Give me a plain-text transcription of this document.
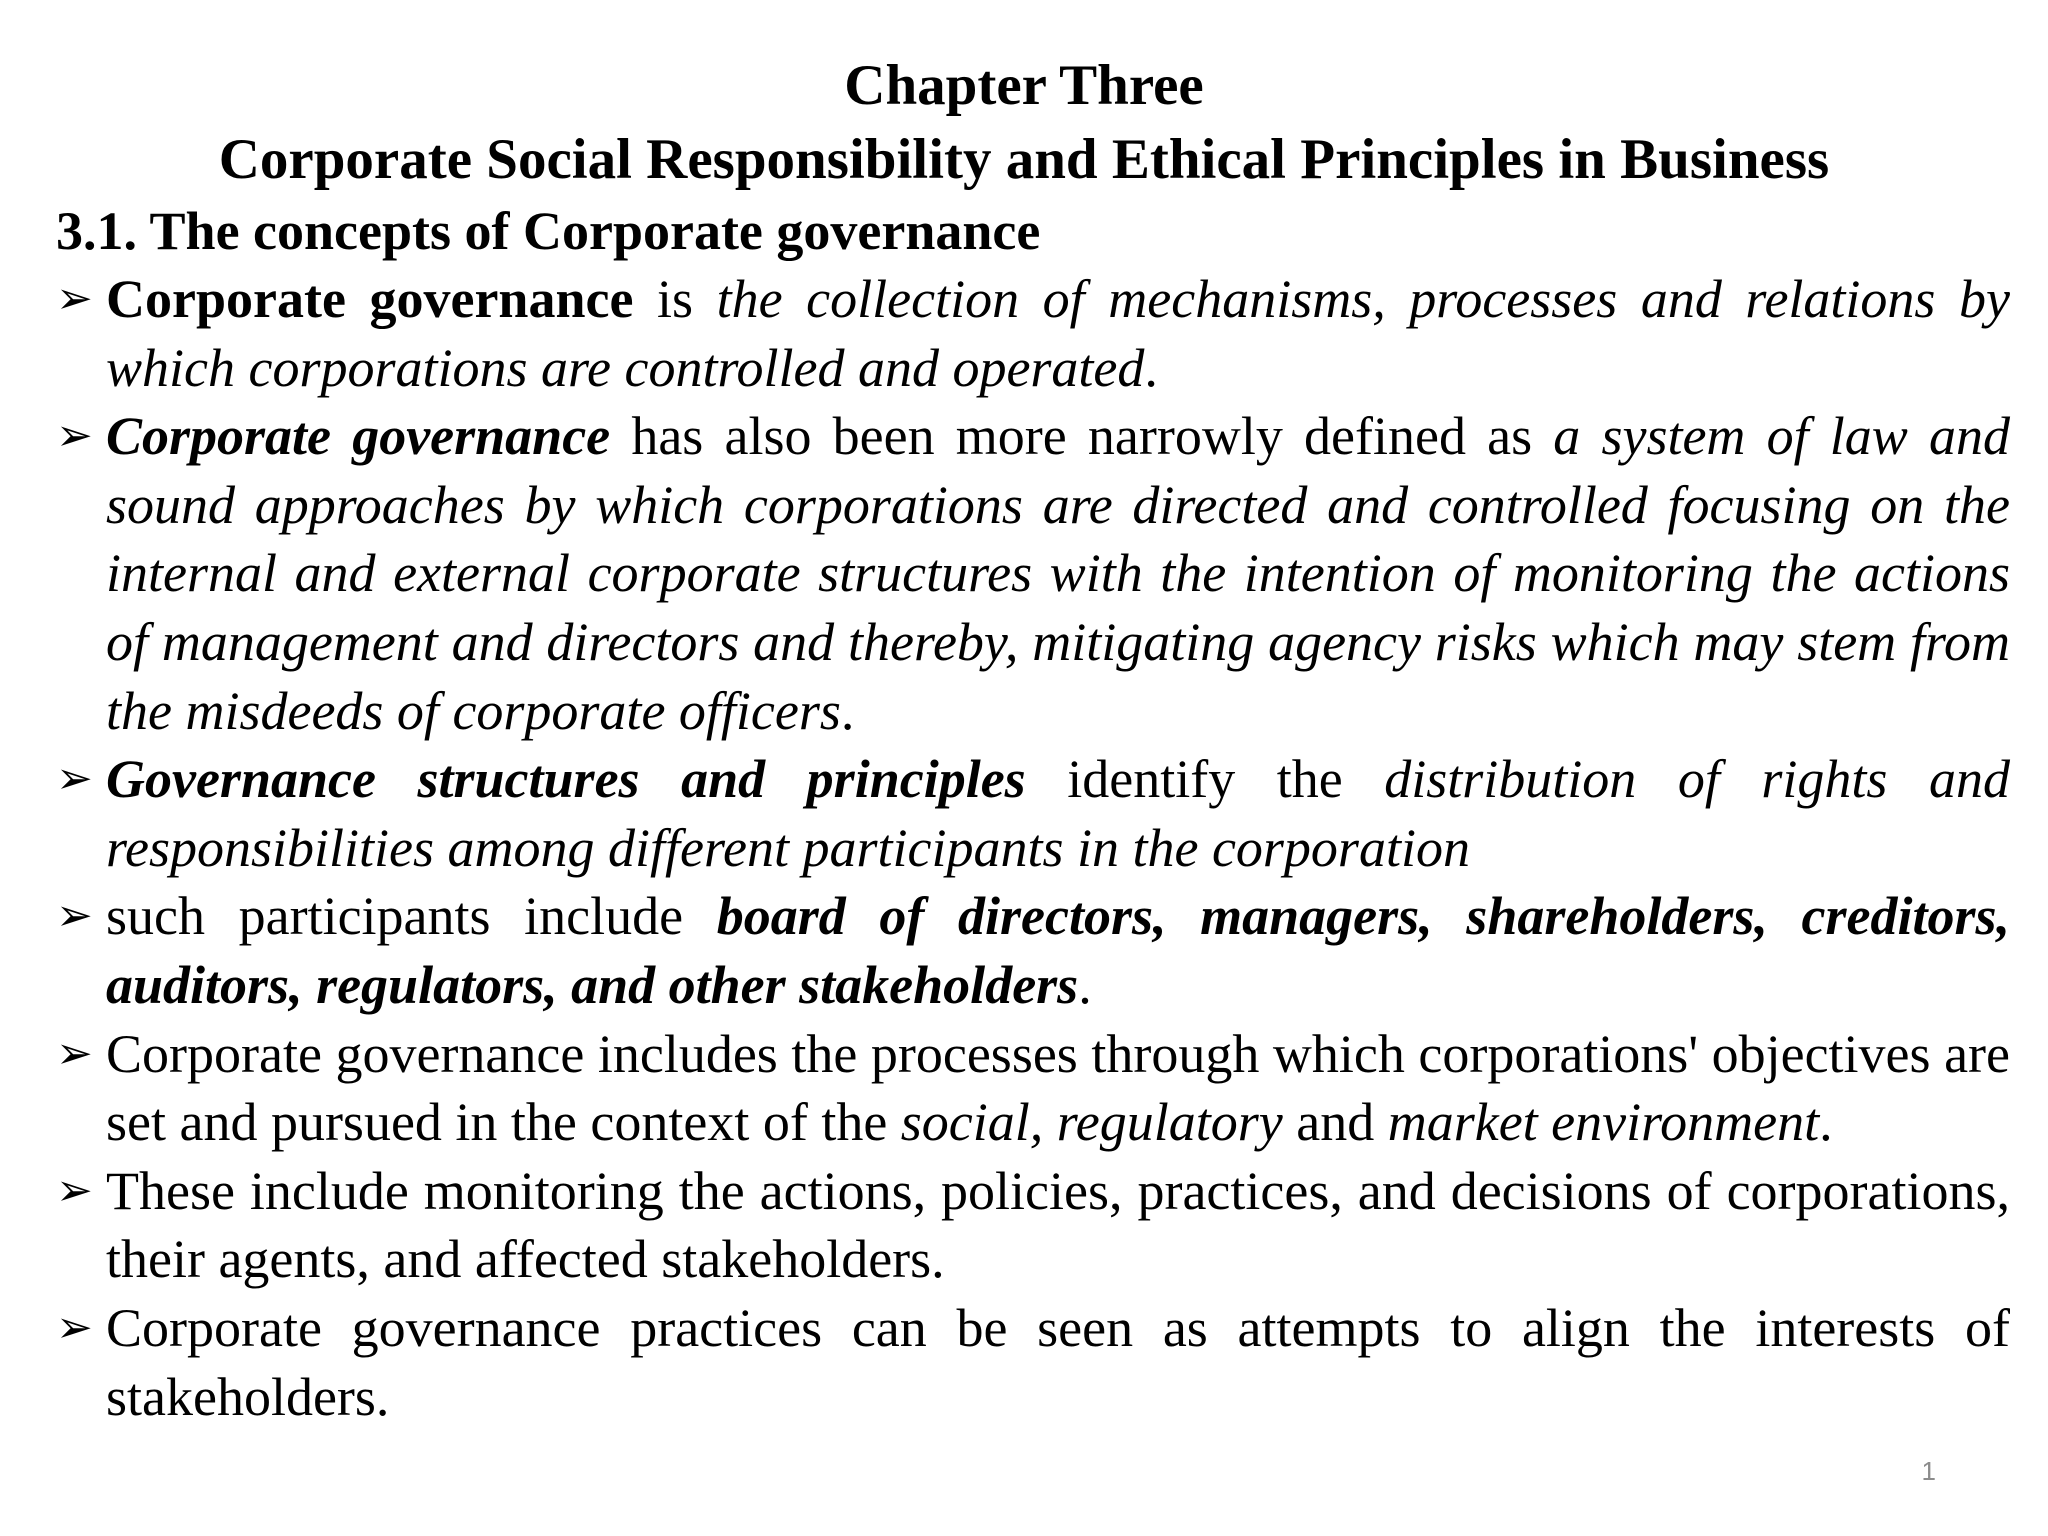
Chapter Three
Corporate Social Responsibility and Ethical Principles in Business
3.1. The concepts of Corporate governance
➢ Corporate governance is the collection of mechanisms, processes and relations by which corporations are controlled and operated.
➢ Corporate governance has also been more narrowly defined as a system of law and sound approaches by which corporations are directed and controlled focusing on the internal and external corporate structures with the intention of monitoring the actions of management and directors and thereby, mitigating agency risks which may stem from the misdeeds of corporate officers.
➢ Governance structures and principles identify the distribution of rights and responsibilities among different participants in the corporation
➢ such participants include board of directors, managers, shareholders, creditors, auditors, regulators, and other stakeholders.
➢ Corporate governance includes the processes through which corporations' objectives are set and pursued in the context of the social, regulatory and market environment.
➢ These include monitoring the actions, policies, practices, and decisions of corporations, their agents, and affected stakeholders.
➢ Corporate governance practices can be seen as attempts to align the interests of stakeholders.
1
